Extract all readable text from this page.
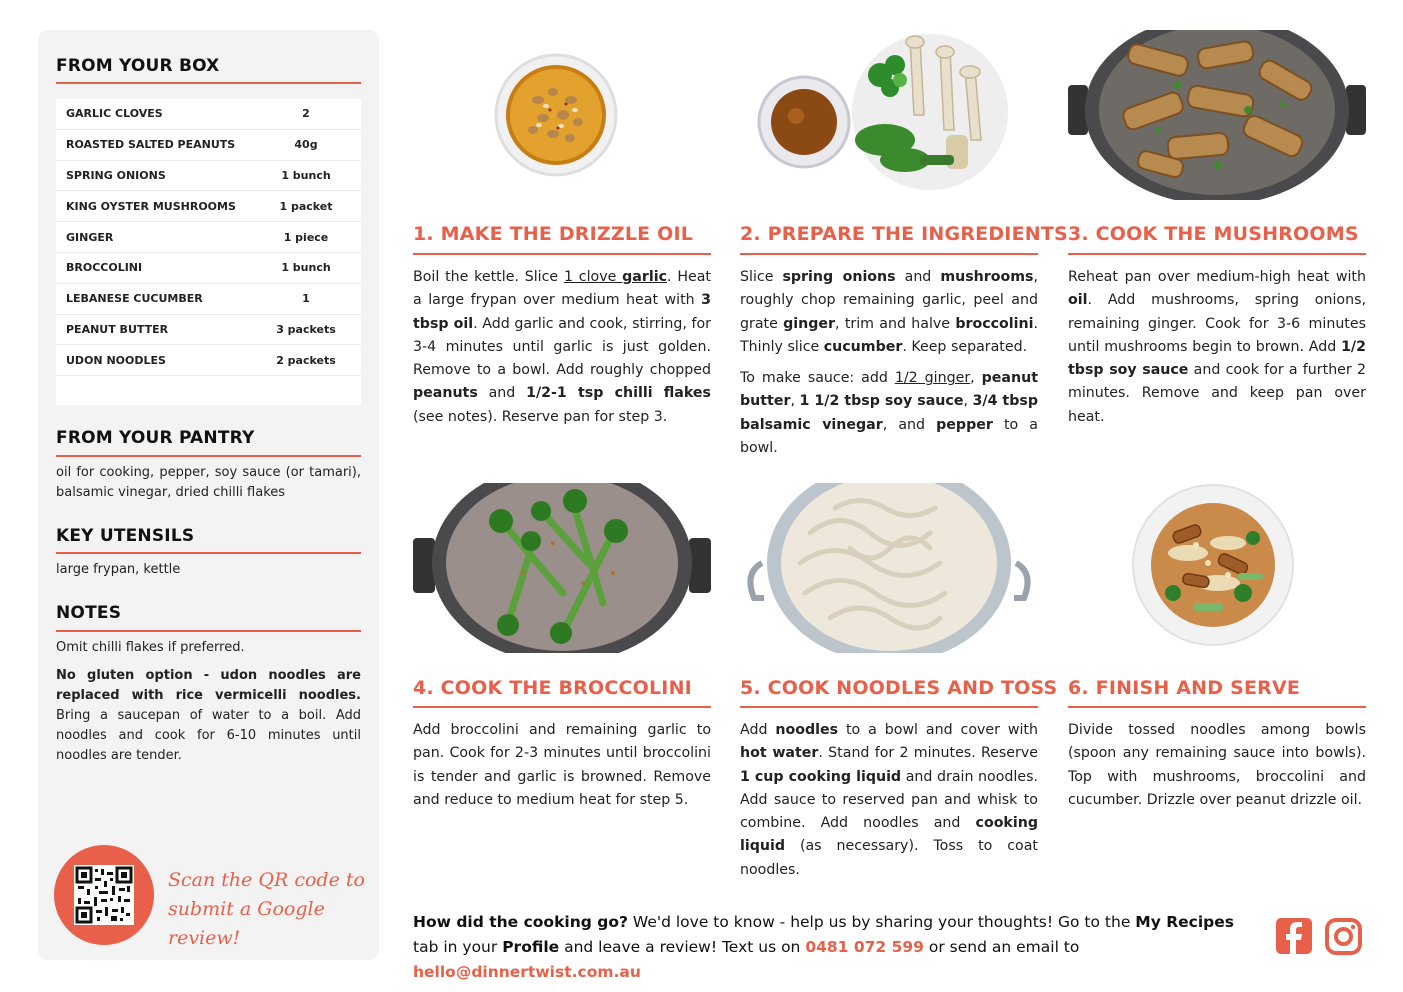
FROM YOUR BOX
GARLIC CLOVES	2
ROASTED SALTED PEANUTS	40g
SPRING ONIONS	1 bunch
KING OYSTER MUSHROOMS	1 packet
GINGER	1 piece
BROCCOLINI	1 bunch
LEBANESE CUCUMBER	1
PEANUT BUTTER	3 packets
UDON NOODLES	2 packets
FROM YOUR PANTRY
oil for cooking, pepper, soy sauce (or tamari), balsamic vinegar, dried chilli flakes
KEY UTENSILS
large frypan, kettle
NOTES
Omit chilli flakes if preferred.
No gluten option - udon noodles are replaced with rice vermicelli noodles. Bring a saucepan of water to a boil. Add noodles and cook for 6-10 minutes until noodles are tender.
Scan the QR code to
submit a Google review!
1. MAKE THE DRIZZLE OIL

Boil the kettle. Slice 1 clove garlic. Heat a large frypan over medium heat with 3 tbsp oil. Add garlic and cook, stirring, for 3-4 minutes until garlic is just golden. Remove to a bowl. Add roughly chopped peanuts and 1/2-1 tsp chilli flakes (see notes). Reserve pan for step 3.

2. PREPARE THE INGREDIENTS

Slice spring onions and mushrooms, roughly chop remaining garlic, peel and grate ginger, trim and halve broccolini. Thinly slice cucumber. Keep separated.

To make sauce: add 1/2 ginger, peanut butter, 1 1/2 tbsp soy sauce, 3/4 tbsp balsamic vinegar, and pepper to a bowl.

3. COOK THE MUSHROOMS

Reheat pan over medium-high heat with oil. Add mushrooms, spring onions, remaining ginger. Cook for 3-6 minutes until mushrooms begin to brown. Add 1/2 tbsp soy sauce and cook for a further 2 minutes. Remove and keep pan over heat.

4. COOK THE BROCCOLINI

Add broccolini and remaining garlic to pan. Cook for 2-3 minutes until broccolini is tender and garlic is browned. Remove and reduce to medium heat for step 5.

5. COOK NOODLES AND TOSS

Add noodles to a bowl and cover with hot water. Stand for 2 minutes. Reserve 1 cup cooking liquid and drain noodles. Add sauce to reserved pan and whisk to combine. Add noodles and cooking liquid (as necessary). Toss to coat noodles.

6. FINISH AND SERVE

Divide tossed noodles among bowls (spoon any remaining sauce into bowls). Top with mushrooms, broccolini and cucumber. Drizzle over peanut drizzle oil.

How did the cooking go? We'd love to know - help us by sharing your thoughts! Go to the My Recipes tab in your Profile and leave a review! Text us on 0481 072 599 or send an email to hello@dinnertwist.com.au
